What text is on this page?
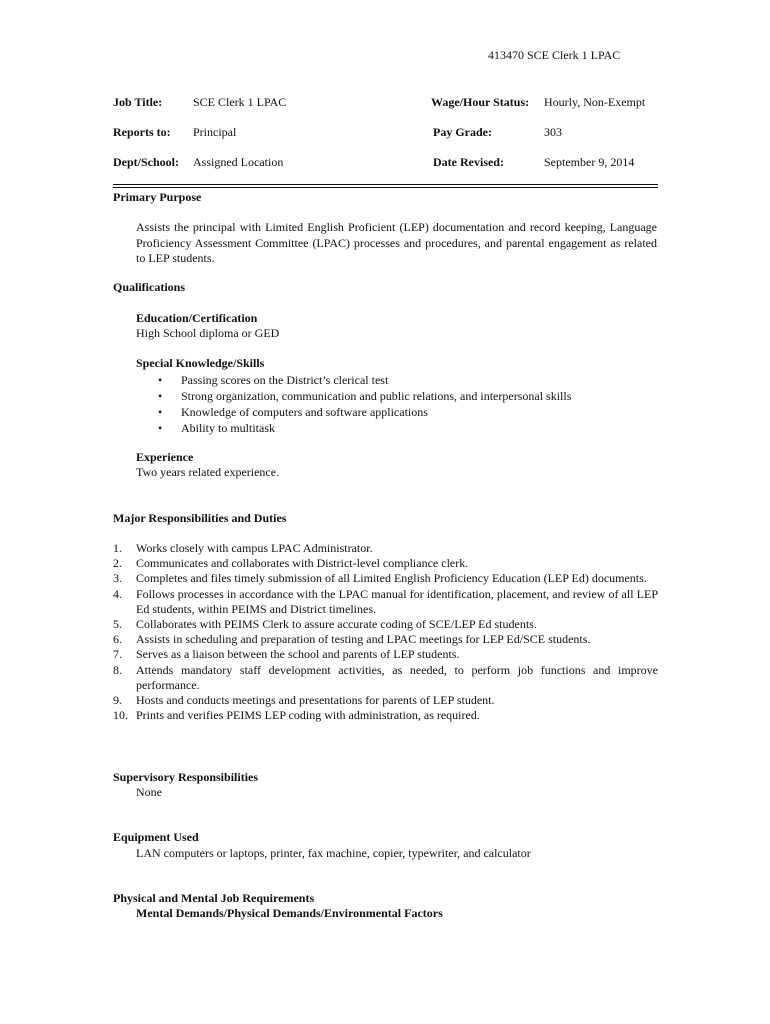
413470 SCE Clerk 1 LPAC
Job Title:	SCE Clerk 1 LPAC	Wage/Hour Status: Hourly, Non-Exempt
Reports to: Principal	Pay Grade:	303
Dept/School: Assigned Location	Date Revised:	September 9, 2014
Primary Purpose
Assists the principal with Limited English Proficient (LEP) documentation and record keeping, Language Proficiency Assessment Committee (LPAC) processes and procedures, and parental engagement as related to LEP students.
Qualifications
Education/Certification
High School diploma or GED
Special Knowledge/Skills
• Passing scores on the District’s clerical test
• Strong organization, communication and public relations, and interpersonal skills
• Knowledge of computers and software applications
• Ability to multitask
Experience
Two years related experience.
Major Responsibilities and Duties
1.	Works closely with campus LPAC Administrator.
2.	Communicates and collaborates with District-level compliance clerk.
3.	Completes and files timely submission of all Limited English Proficiency Education (LEP Ed) documents.
4.	Follows processes in accordance with the LPAC manual for identification, placement, and review of all LEP Ed students, within PEIMS and District timelines.
5.	Collaborates with PEIMS Clerk to assure accurate coding of SCE/LEP Ed students.
6.	Assists in scheduling and preparation of testing and LPAC meetings for LEP Ed/SCE students.
7.	Serves as a liaison between the school and parents of LEP students.
8.	Attends mandatory staff development activities, as needed, to perform job functions and improve performance.
9.	Hosts and conducts meetings and presentations for parents of LEP student.
10. Prints and verifies PEIMS LEP coding with administration, as required.
Supervisory Responsibilities
None
Equipment Used
LAN computers or laptops, printer, fax machine, copier, typewriter, and calculator
Physical and Mental Job Requirements
Mental Demands/Physical Demands/Environmental Factors
